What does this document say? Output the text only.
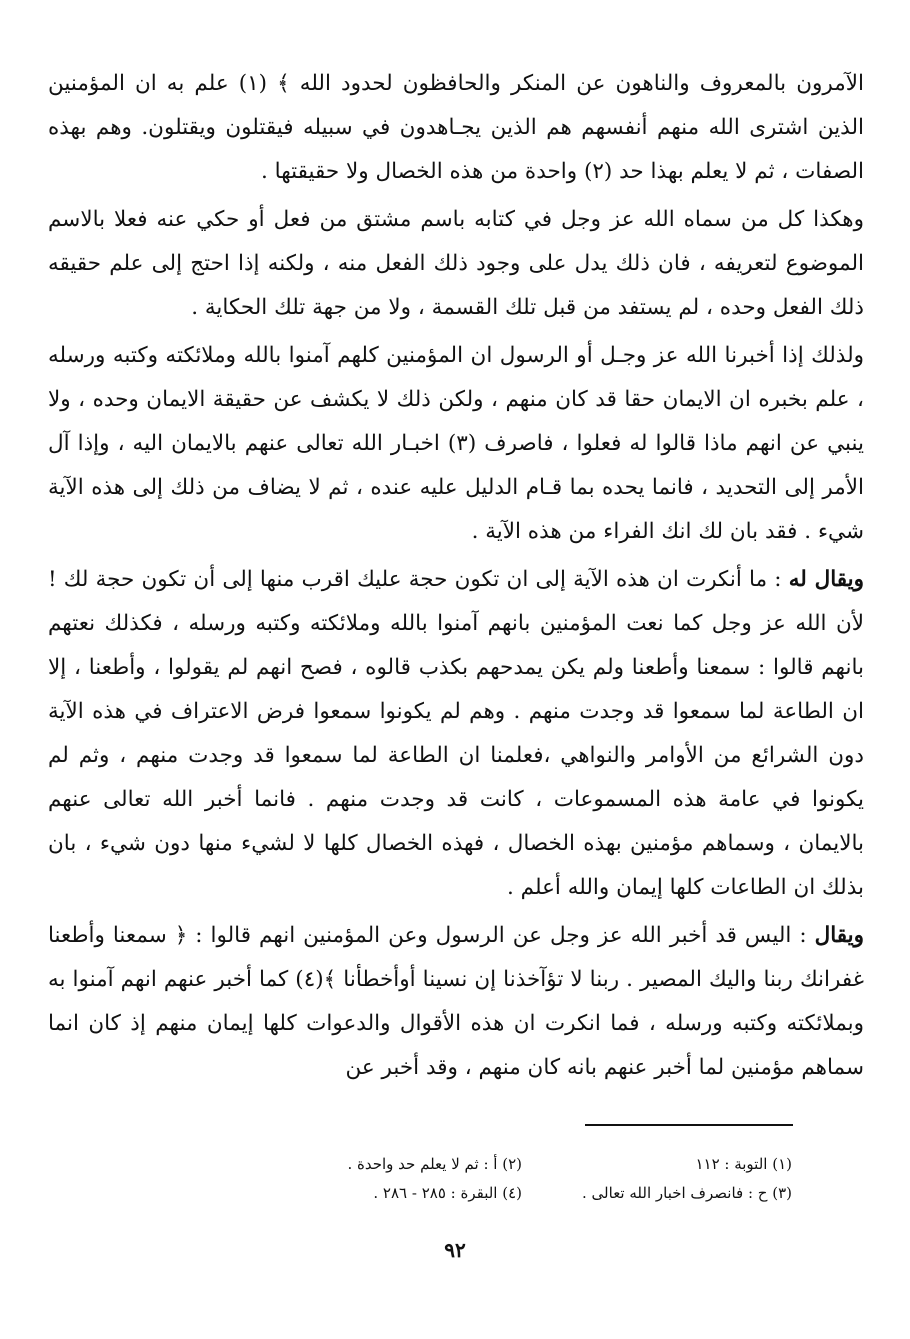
الآمرون بالمعروف والناهون عن المنكر والحافظون لحدود الله ﴾ (١) علم به ان المؤمنين الذين اشترى الله منهم أنفسهم هم الذين يجـاهدون في سبيله فيقتلون ويقتلون. وهم بهذه الصفات ، ثم لا يعلم بهذا حد (٢) واحدة من هذه الخصال ولا حقيقتها .

وهكذا كل من سماه الله عز وجل في كتابه باسم مشتق من فعل أو حكي عنه فعلا بالاسم الموضوع لتعريفه ، فان ذلك يدل على وجود ذلك الفعل منه ، ولكنه إذا احتج إلى علم حقيقه ذلك الفعل وحده ، لم يستفد من قبل تلك القسمة ، ولا من جهة تلك الحكاية .

ولذلك إذا أخبرنا الله عز وجـل أو الرسول ان المؤمنين كلهم آمنوا بالله وملائكته وكتبه ورسله ، علم بخبره ان الايمان حقا قد كان منهم ، ولكن ذلك لا يكشف عن حقيقة الايمان وحده ، ولا ينبي عن انهم ماذا قالوا له فعلوا ، فاصرف (٣) اخبـار الله تعالى عنهم بالايمان اليه ، وإذا آل الأمر إلى التحديد ، فانما يحده بما قـام الدليل عليه عنده ، ثم لا يضاف من ذلك إلى هذه الآية شيء . فقد بان لك انك الفراء من هذه الآية .

ويقال له : ما أنكرت ان هذه الآية إلى ان تكون حجة عليك اقرب منها إلى أن تكون حجة لك ! لأن الله عز وجل كما نعت المؤمنين بانهم آمنوا بالله وملائكته وكتبه ورسله ، فكذلك نعتهم بانهم قالوا : سمعنا وأطعنا ولم يكن يمدحهم بكذب قالوه ، فصح انهم لم يقولوا ، وأطعنا ، إلا ان الطاعة لما سمعوا قد وجدت منهم . وهم لم يكونوا سمعوا فرض الاعتراف في هذه الآية دون الشرائع من الأوامر والنواهي ،فعلمنا ان الطاعة لما سمعوا قد وجدت منهم ، وثم لم يكونوا في عامة هذه المسموعات ، كانت قد وجدت منهم . فانما أخبر الله تعالى عنهم بالايمان ، وسماهم مؤمنين بهذه الخصال ، فهذه الخصال كلها لا لشيء منها دون شيء ، بان بذلك ان الطاعات كلها إيمان والله أعلم .

ويقال : اليس قد أخبر الله عز وجل عن الرسول وعن المؤمنين انهم قالوا : ﴿ سمعنا وأطعنا غفرانك ربنا واليك المصير . ربنا لا تؤآخذنا إن نسينا أوأخطأنا ﴾(٤) كما أخبر عنهم انهم آمنوا به وبملائكته وكتبه ورسله ، فما انكرت ان هذه الأقوال والدعوات كلها إيمان منهم إذ كان انما سماهم مؤمنين لما أخبر عنهم بانه كان منهم ، وقد أخبر عن

(١) التوبة : ١١٢
(٢) أ : ثم لا يعلم حد واحدة .
(٣) ح : فانصرف اخبار الله تعالى .
(٤) البقرة : ٢٨٥ - ٢٨٦ .
٩٢
